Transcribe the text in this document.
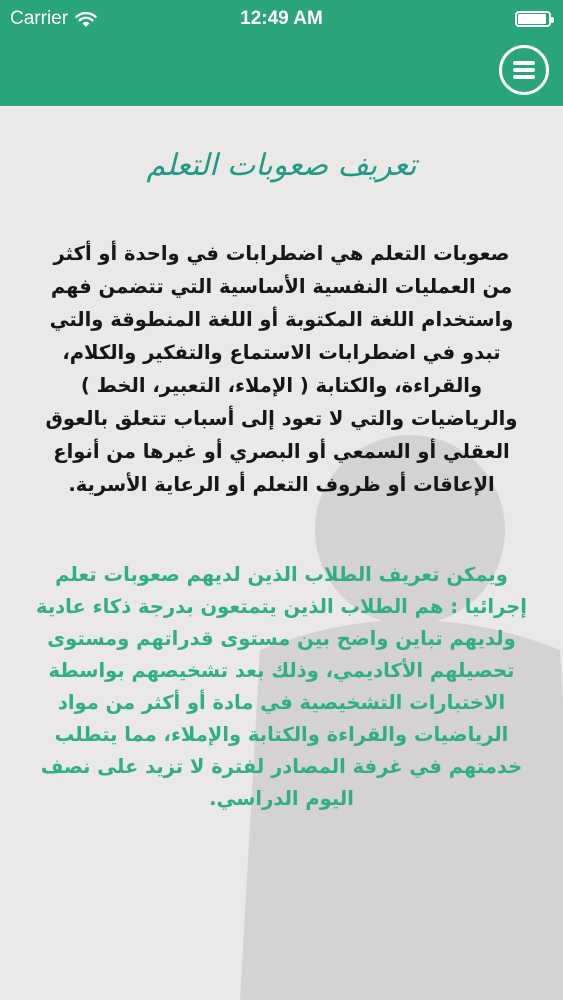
Carrier	12:49 AM
تعريف صعوبات التعلم

صعوبات التعلم هي اضطرابات في واحدة أو أكثر من العمليات النفسية الأساسية التي تتضمن فهم واستخدام اللغة المكتوبة أو اللغة المنطوقة والتي تبدو في اضطرابات الاستماع والتفكير والكلام، والقراءة، والكتابة ( الإملاء، التعبير، الخط ) والرياضيات والتي لا تعود إلى أسباب تتعلق بالعوق العقلي أو السمعي أو البصري أو غيرها من أنواع الإعاقات أو ظروف التعلم أو الرعاية الأسرية.

ويمكن تعريف الطلاب الذين لديهم صعوبات تعلم إجرائيا : هم الطلاب الذين يتمتعون بدرجة ذكاء عادية ولديهم تباين واضح بين مستوى قدراتهم ومستوى تحصيلهم الأكاديمي، وذلك بعد تشخيصهم بواسطة الاختبارات التشخيصية في مادة أو أكثر من مواد الرياضيات والقراءة والكتابة والإملاء، مما يتطلب خدمتهم في غرفة المصادر لفترة لا تزيد على نصف اليوم الدراسي.
